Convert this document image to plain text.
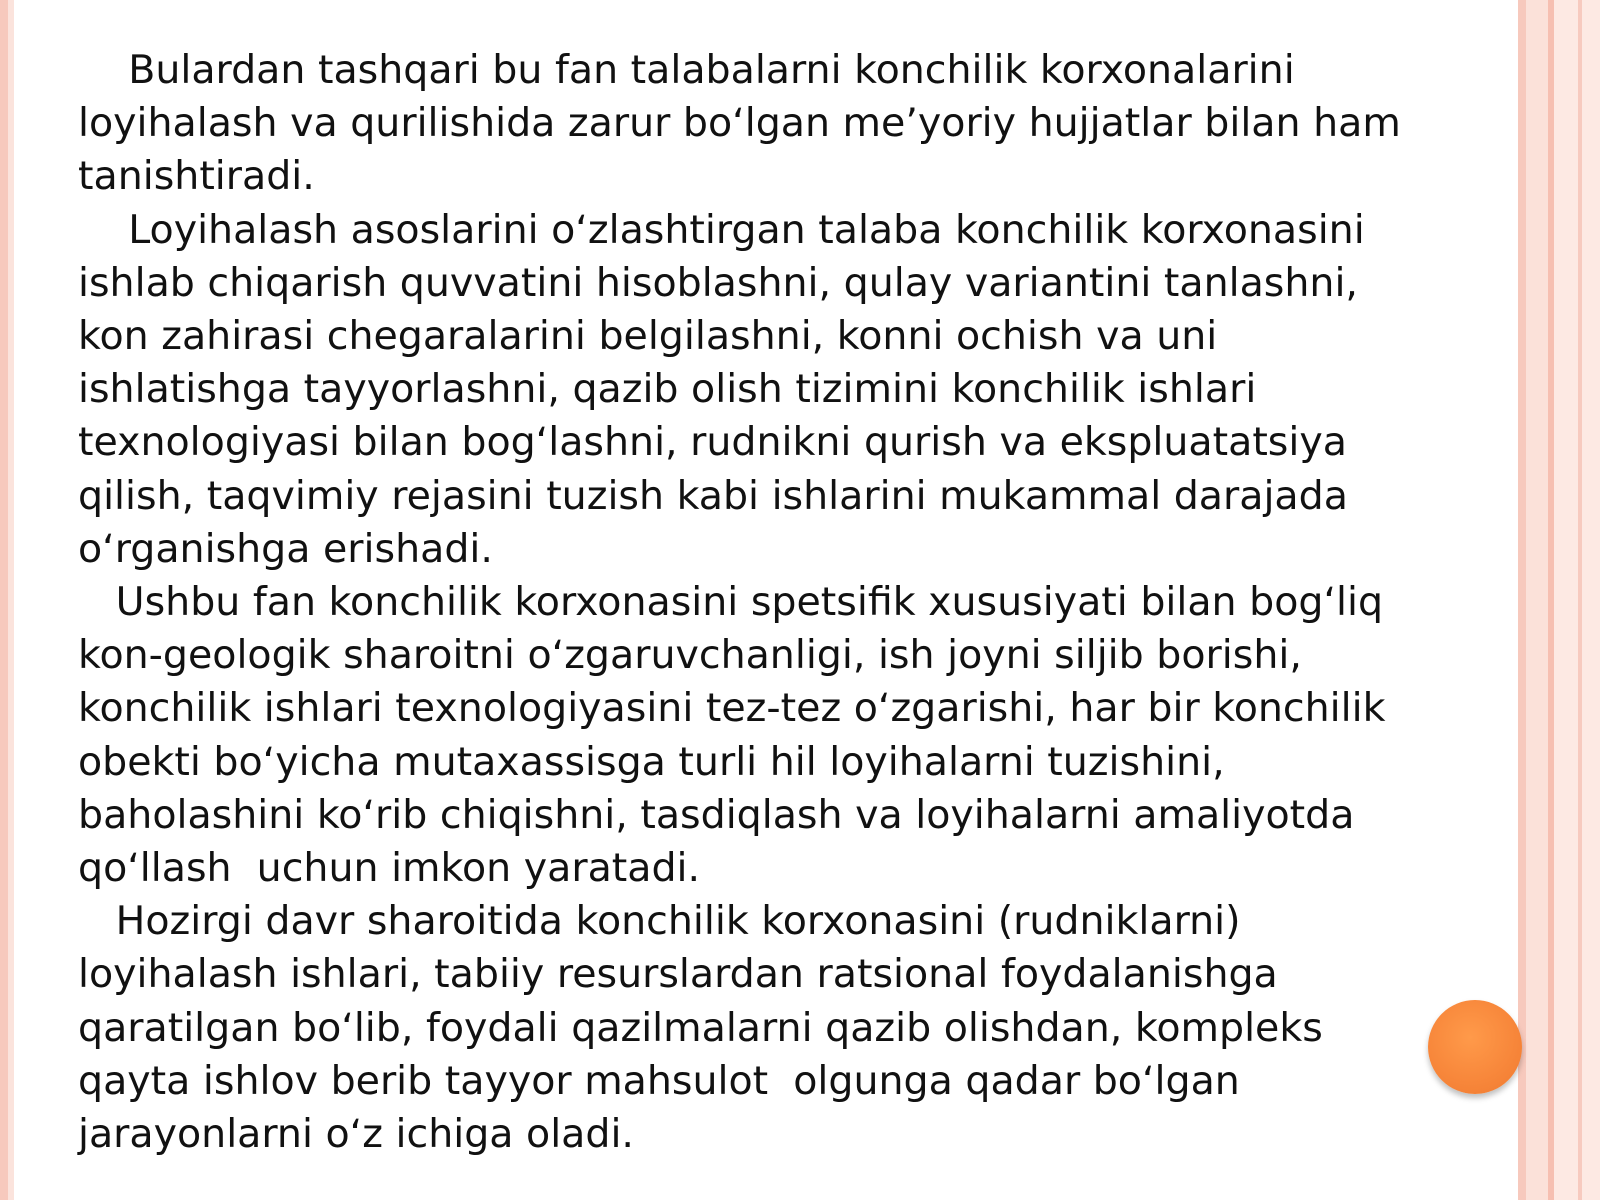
Bulardan tashqari bu fan talabalarni konchilik korxonalarini
loyihalash va qurilishida zarur boʻlgan meʼyoriy hujjatlar bilan ham
tanishtiradi.

Loyihalash asoslarini oʻzlashtirgan talaba konchilik korxonasini
ishlab chiqarish quvvatini hisoblashni, qulay variantini tanlashni,
kon zahirasi chegaralarini belgilashni, konni ochish va uni
ishlatishga tayyorlashni, qazib olish tizimini konchilik ishlari
texnologiyasi bilan bogʻlashni, rudnikni qurish va ekspluatatsiya
qilish, taqvimiy rejasini tuzish kabi ishlarini mukammal darajada
oʻrganishga erishadi.

Ushbu fan konchilik korxonasini spetsifik xususiyati bilan bogʻliq
kon-geologik sharoitni oʻzgaruvchanligi, ish joyni siljib borishi,
konchilik ishlari texnologiyasini tez-tez oʻzgarishi, har bir konchilik
obekti boʻyicha mutaxassisga turli hil loyihalarni tuzishini,
baholashini koʻrib chiqishni, tasdiqlash va loyihalarni amaliyotda
qoʻllash  uchun imkon yaratadi.

Hozirgi davr sharoitida konchilik korxonasini (rudniklarni)
loyihalash ishlari, tabiiy resurslardan ratsional foydalanishga
qaratilgan boʻlib, foydali qazilmalarni qazib olishdan, kompleks
qayta ishlov berib tayyor mahsulot  olgunga qadar boʻlgan
jarayonlarni oʻz ichiga oladi.
